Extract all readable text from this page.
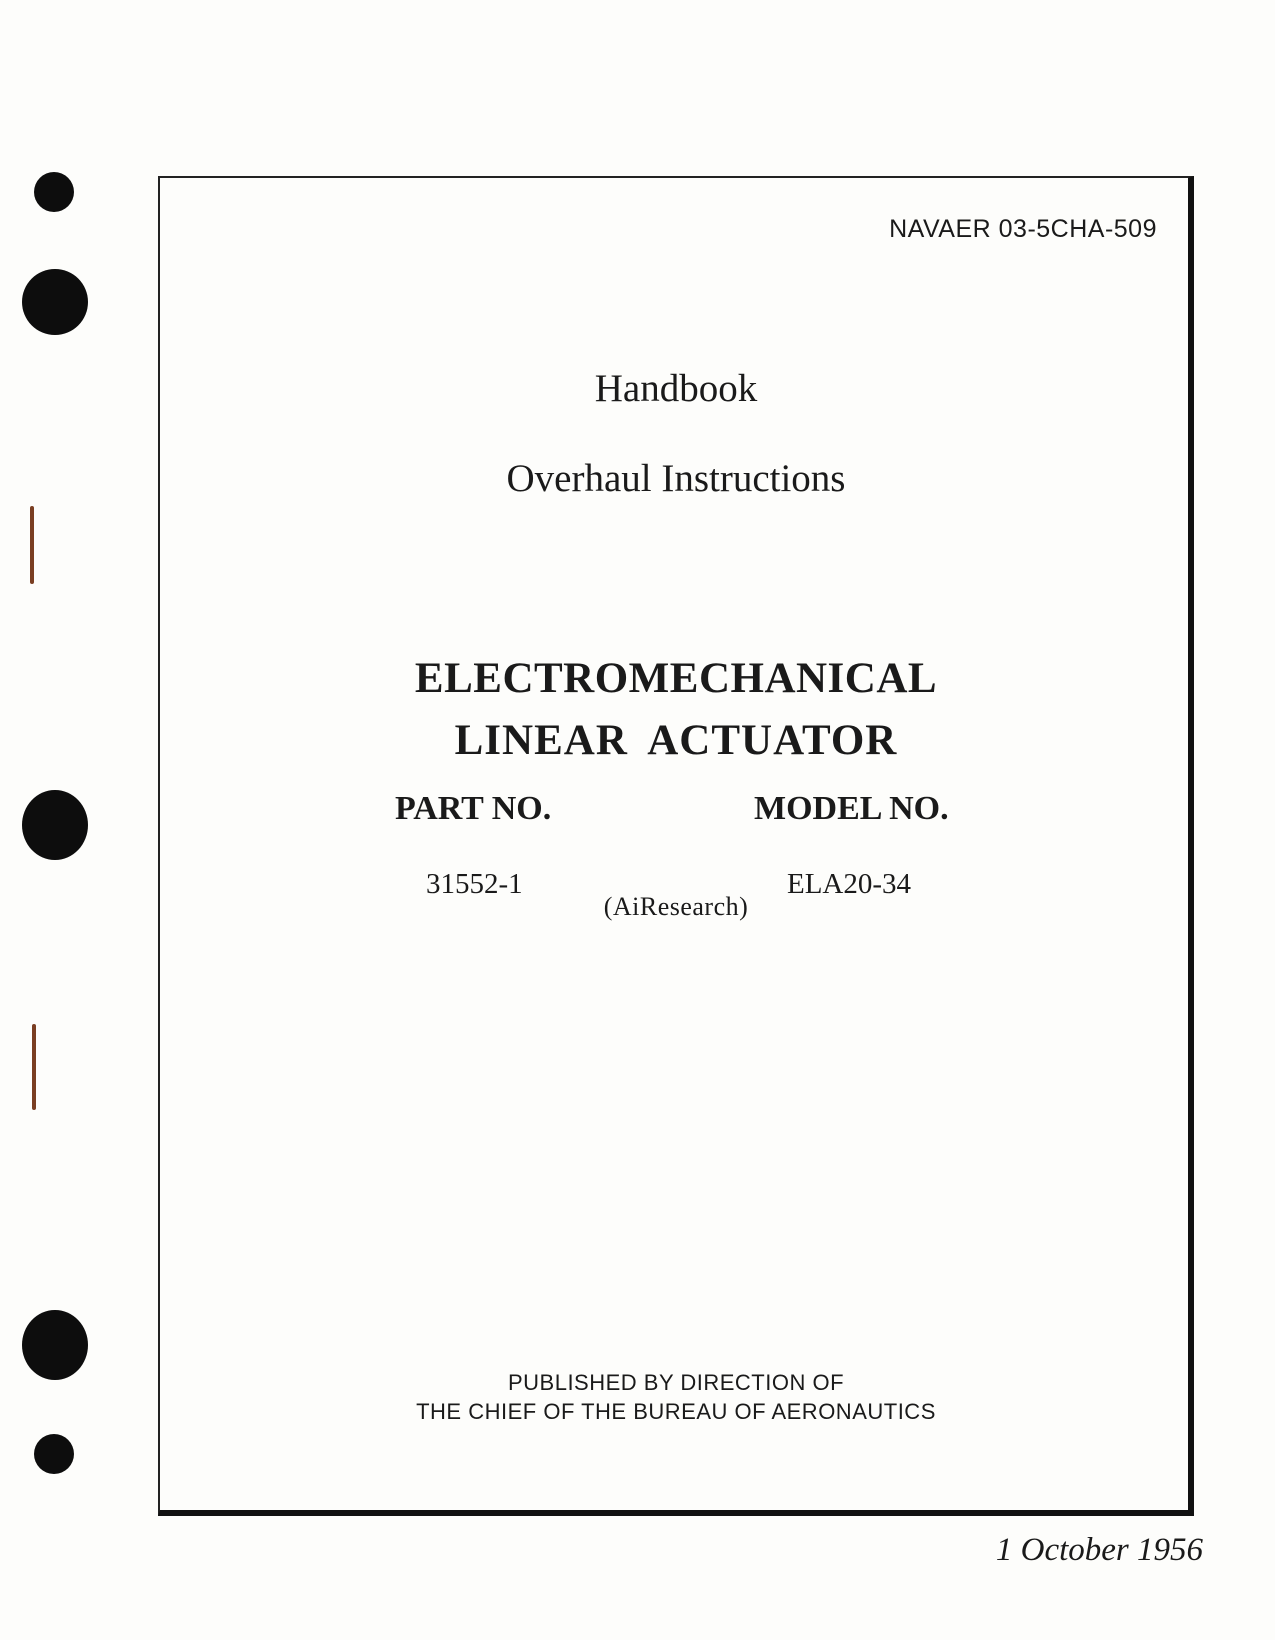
NAVAER 03-5CHA-509
Handbook
Overhaul Instructions
ELECTROMECHANICAL
LINEAR ACTUATOR
PART NO.	MODEL NO.
31552-1	ELA20-34
(AiResearch)
PUBLISHED BY DIRECTION OF
THE CHIEF OF THE BUREAU OF AERONAUTICS
1 October 1956
